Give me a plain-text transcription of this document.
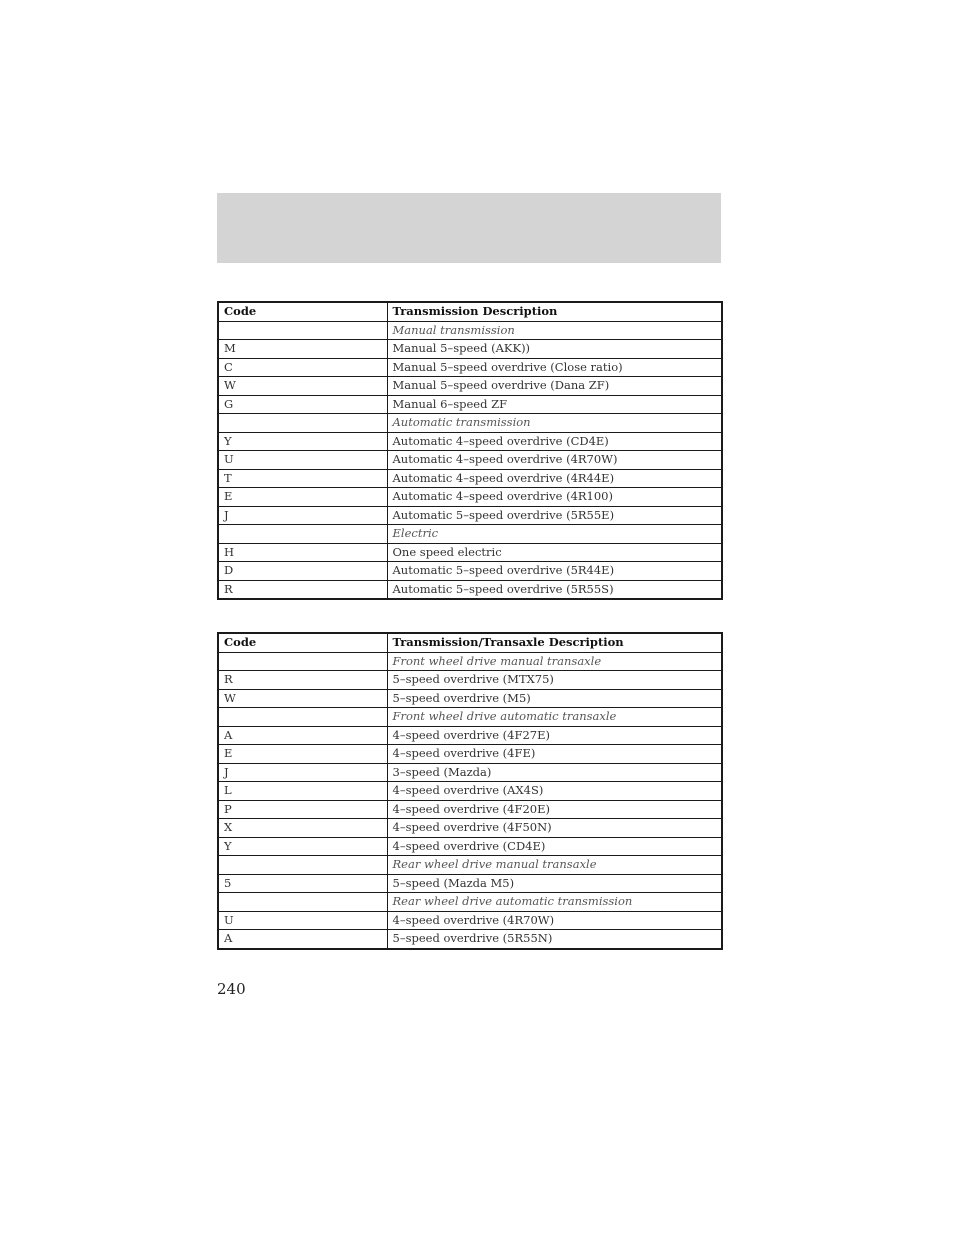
Code	Transmission Description
	Manual transmission
M	Manual 5–speed (AKK))
C	Manual 5–speed overdrive (Close ratio)
W	Manual 5–speed overdrive (Dana ZF)
G	Manual 6–speed ZF
	Automatic transmission
Y	Automatic 4–speed overdrive (CD4E)
U	Automatic 4–speed overdrive (4R70W)
T	Automatic 4–speed overdrive (4R44E)
E	Automatic 4–speed overdrive (4R100)
J	Automatic 5–speed overdrive (5R55E)
	Electric
H	One speed electric
D	Automatic 5–speed overdrive (5R44E)
R	Automatic 5–speed overdrive (5R55S)
Code	Transmission/Transaxle Description
	Front wheel drive manual transaxle
R	5–speed overdrive (MTX75)
W	5–speed overdrive (M5)
	Front wheel drive automatic transaxle
A	4–speed overdrive (4F27E)
E	4–speed overdrive (4FE)
J	3–speed (Mazda)
L	4–speed overdrive (AX4S)
P	4–speed overdrive (4F20E)
X	4–speed overdrive (4F50N)
Y	4–speed overdrive (CD4E)
	Rear wheel drive manual transaxle
5	5–speed (Mazda M5)
	Rear wheel drive automatic transmission
U	4–speed overdrive (4R70W)
A	5–speed overdrive (5R55N)
240
